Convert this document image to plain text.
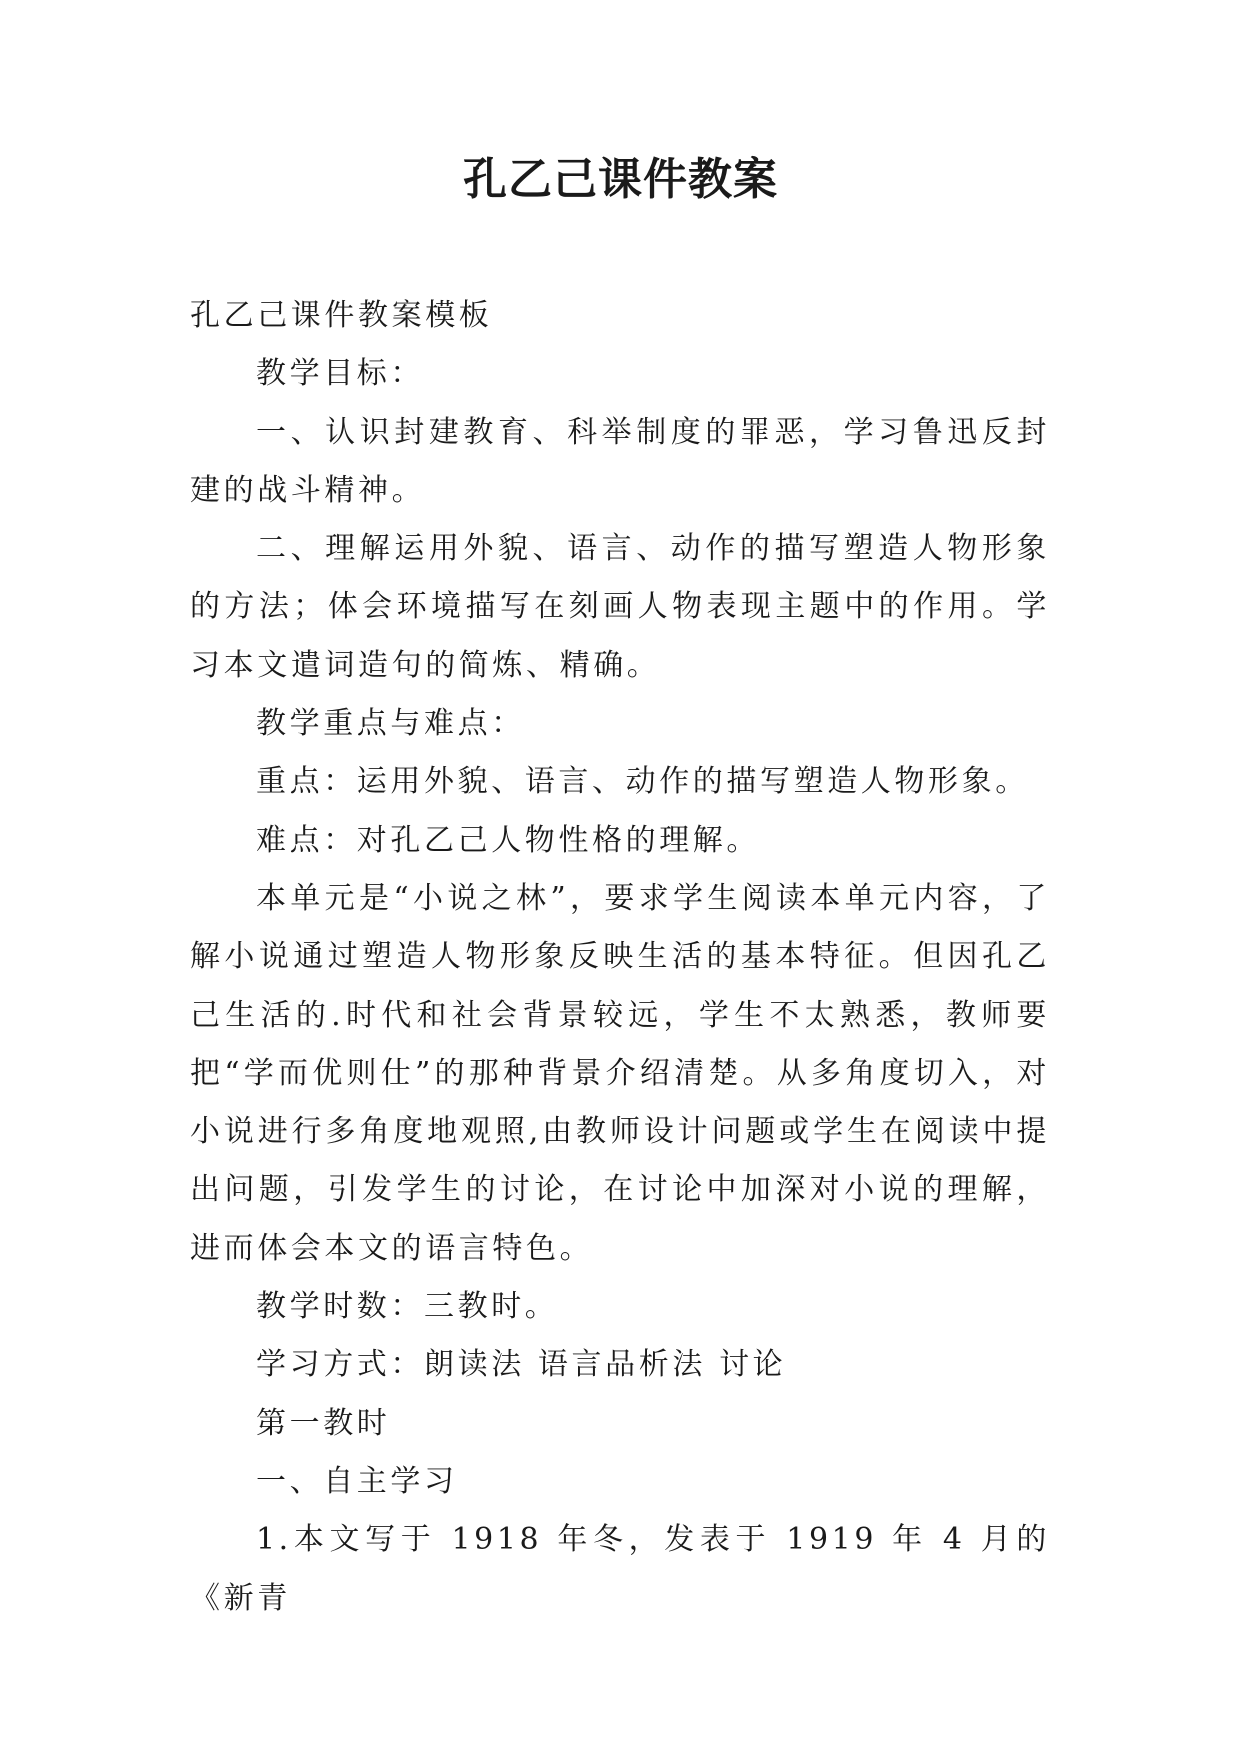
孔乙己课件教案

孔乙己课件教案模板

教学目标：

一、认识封建教育、科举制度的罪恶，学习鲁迅反封建的战斗精神。

二、理解运用外貌、语言、动作的描写塑造人物形象的方法；体会环境描写在刻画人物表现主题中的作用。学习本文遣词造句的简炼、精确。

教学重点与难点：

重点：运用外貌、语言、动作的描写塑造人物形象。

难点：对孔乙己人物性格的理解。

本单元是“小说之林”，要求学生阅读本单元内容，了解小说通过塑造人物形象反映生活的基本特征。但因孔乙己生活的.时代和社会背景较远，学生不太熟悉，教师要把“学而优则仕”的那种背景介绍清楚。从多角度切入，对小说进行多角度地观照,由教师设计问题或学生在阅读中提出问题，引发学生的讨论，在讨论中加深对小说的理解，进而体会本文的语言特色。

教学时数：三教时。

学习方式：朗读法 语言品析法 讨论

第一教时

一、自主学习

1.本文写于 1918 年冬，发表于 1919 年 4 月的《新青
